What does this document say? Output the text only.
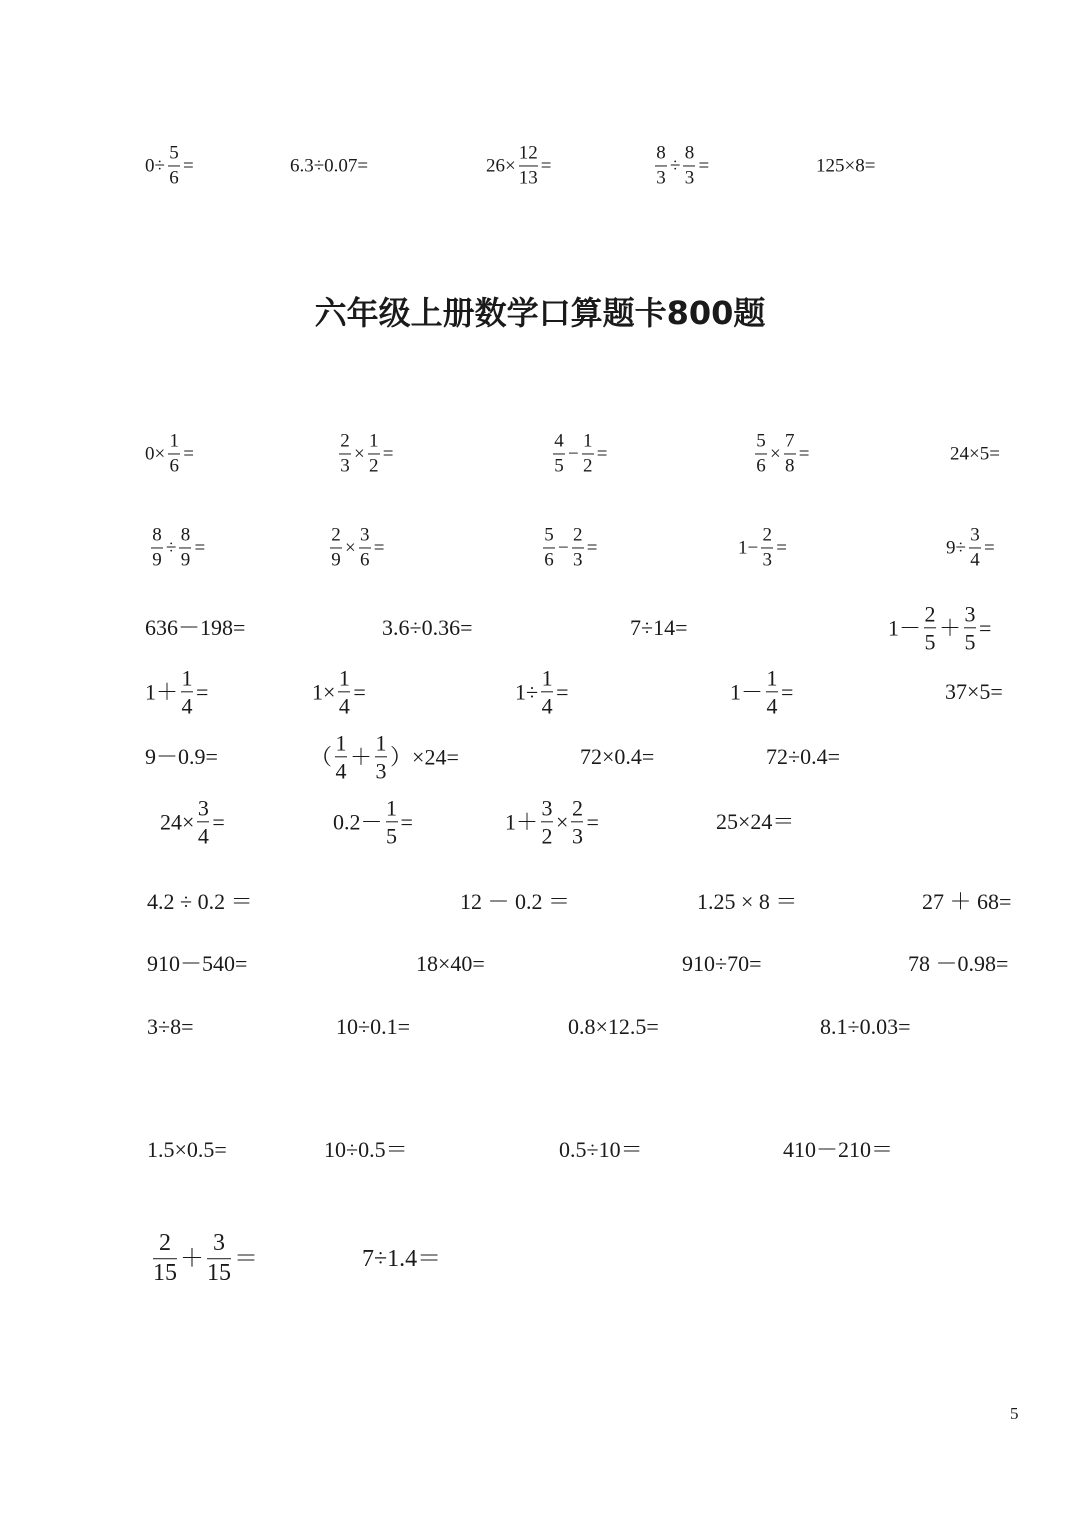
六年级上册数学口算题卡800题
5
$0\div \frac{5}{6}$ =	6.3÷0.07=	$26\times \frac{12}{13}$ =	$\frac{8}{3} \div \frac{8}{3}$ =	125×8=
$0\times \frac{1}{6}$ =	$\frac{2}{3} \times \frac{1}{2}$ =	$\frac{4}{5} - \frac{1}{2}$ =	$\frac{5}{6} \times \frac{7}{8}$ =	24×5=
$\frac{8}{9} \div \frac{8}{9}$ =	$\frac{2}{9} \times \frac{3}{6}$ =	$\frac{5}{6} - \frac{2}{3}$ =	$1- \frac{2}{3}$ =	$9\div \frac{3}{4}$ =
636－198=	3.6÷0.36=	7÷14=	$1- \frac{2}{5} + \frac{3}{5}$ =
$1+ \frac{1}{4}$ =	$1\times \frac{1}{4}$ =	$1\div \frac{1}{4}$ =	$1- \frac{1}{4}$ =	37×5=
9－0.9=	（ $\frac{1}{4} + \frac{1}{3} )\times 24=$	72×0.4=	72÷0.4=
$24\times \frac{3}{4}$ =	$0.2- \frac{1}{5}$ =	$1+ \frac{3}{2} \times \frac{2}{3}$ =	25×24＝
4.2 ÷ 0.2 ＝	12 － 0.2 ＝	1.25 × 8 ＝	27 ＋ 68=
910－540=	18×40=	910÷70=	78 －0.98=
3÷8=	10÷0.1=	0.8×12.5=	8.1÷0.03=
1.5×0.5=	10÷0.5＝	0.5÷10＝	410－210＝
$\frac{2}{15} + \frac{3}{15}$ ＝	7÷1.4＝
